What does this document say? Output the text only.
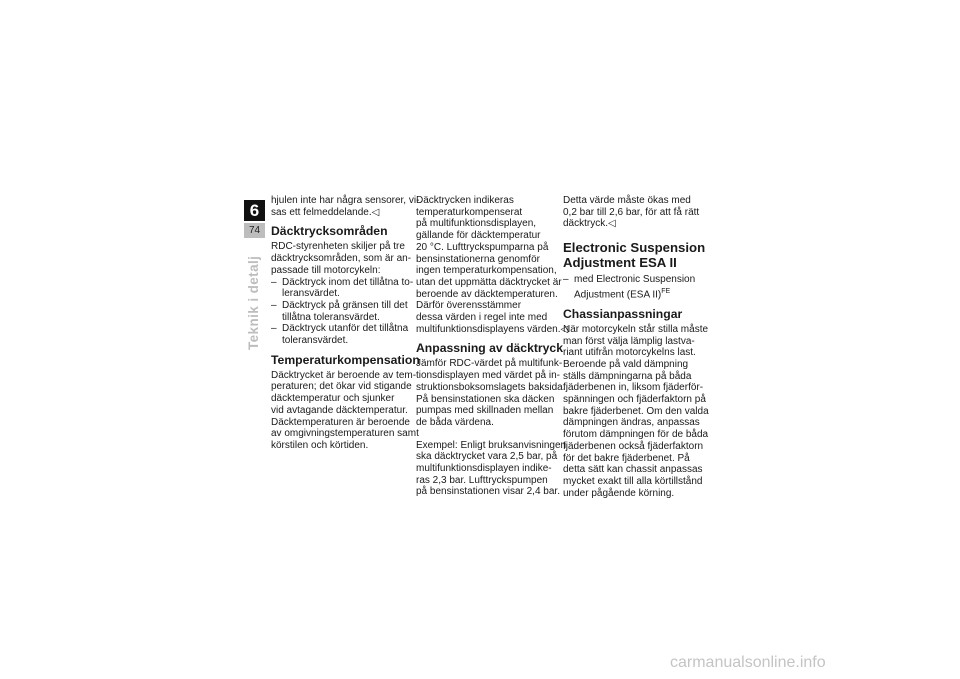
6
74
Teknik i detalj

hjulen inte har några sensorer, vi-

sas ett felmeddelande.◁

Däcktrycksområden

RDC-styrenheten skiljer på tre

däcktrycksområden, som är an-

passade till motorcykeln:

– Däcktryck inom det tillåtna to-
leransvärdet.
– Däcktryck på gränsen till det
tillåtna toleransvärdet.
– Däcktryck utanför det tillåtna
toleransvärdet.
Temperaturkompensation

Däcktrycket är beroende av tem-

peraturen; det ökar vid stigande

däcktemperatur och sjunker

vid avtagande däcktemperatur.

Däcktemperaturen är beroende

av omgivningstemperaturen samt

körstilen och körtiden.

Däcktrycken indikeras

temperaturkompenserat

på multifunktionsdisplayen,

gällande för däcktemperatur

20 °C. Lufttryckspumparna på

bensinstationerna genomför

ingen temperaturkompensation,

utan det uppmätta däcktrycket är

beroende av däcktemperaturen.

Därför överensstämmer

dessa värden i regel inte med

multifunktionsdisplayens värden.◁

Anpassning av däcktryck

Jämför RDC-värdet på multifunk-

tionsdisplayen med värdet på in-

struktionsboksomslagets baksida.

På bensinstationen ska däcken

pumpas med skillnaden mellan

de båda värdena.

Exempel: Enligt bruksanvisningen

ska däcktrycket vara 2,5 bar, på

multifunktionsdisplayen indike-

ras 2,3 bar. Lufttryckspumpen

på bensinstationen visar 2,4 bar.

Detta värde måste ökas med

0,2 bar till 2,6 bar, för att få rätt

däcktryck.◁

Electronic Suspension
Adjustment ESA II
– med Electronic Suspension
Adjustment (ESA II)$^{FE}$
Chassianpassningar

När motorcykeln står stilla måste

man först välja lämplig lastva-

riant utifrån motorcykelns last.

Beroende på vald dämpning

ställs dämpningarna på båda

fjäderbenen in, liksom fjäderför-

spänningen och fjäderfaktorn på

bakre fjäderbenet. Om den valda

dämpningen ändras, anpassas

förutom dämpningen för de båda

fjäderbenen också fjäderfaktorn

för det bakre fjäderbenet. På

detta sätt kan chassit anpassas

mycket exakt till alla körtillstånd

under pågående körning.

carmanualsonline.info
